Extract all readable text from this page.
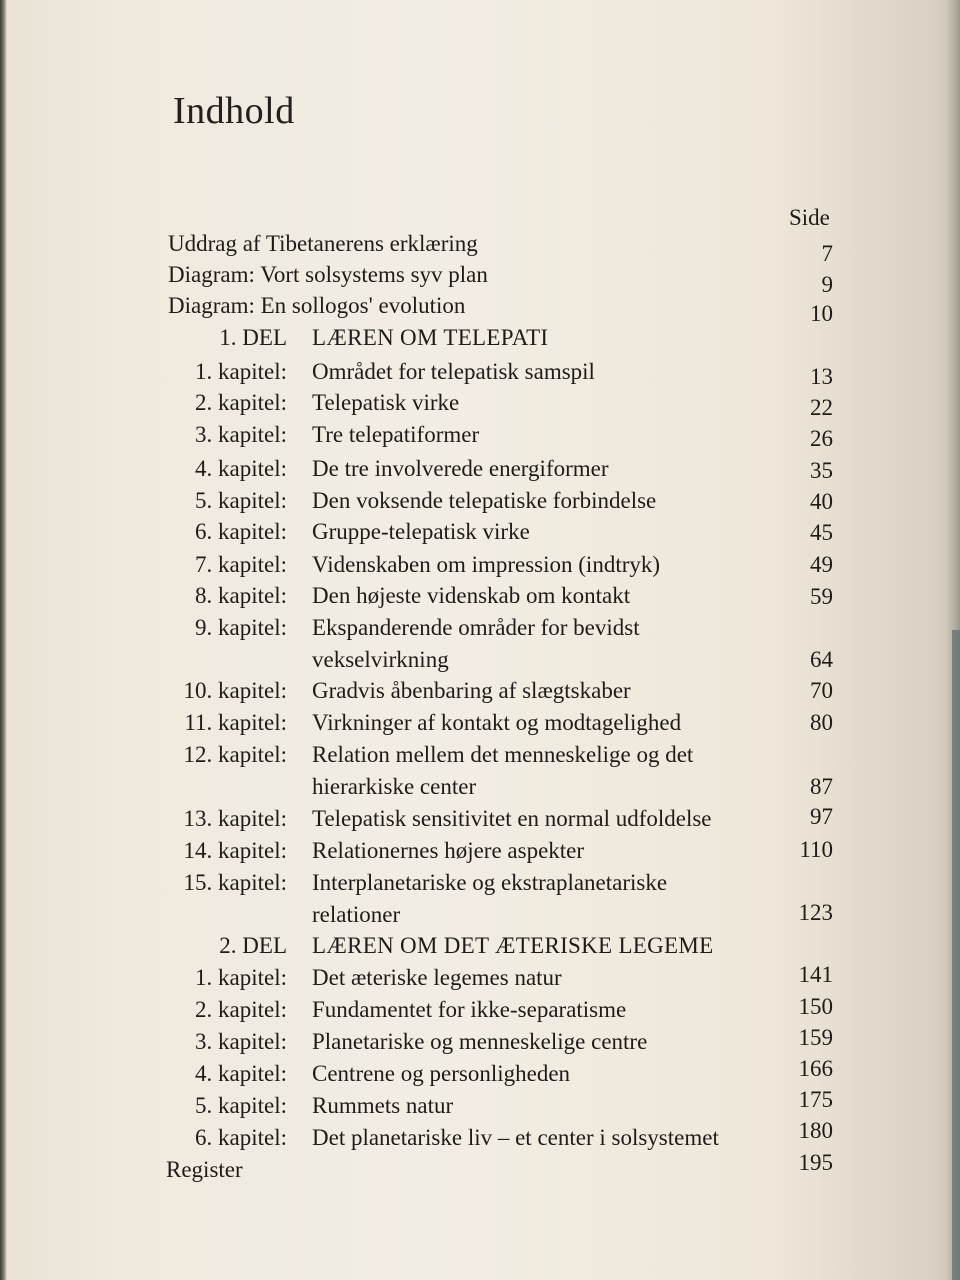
Indhold
Side
Uddrag af Tibetanerens erklæring	7
Diagram: Vort solsystems syv plan	9
Diagram: En sollogos' evolution	10
1. DEL LÆREN OM TELEPATI
1. kapitel: Området for telepatisk samspil	13
2. kapitel: Telepatisk virke	22
3. kapitel: Tre telepatiformer	26
4. kapitel: De tre involverede energiformer	35
5. kapitel: Den voksende telepatiske forbindelse	40
6. kapitel: Gruppe-telepatisk virke	45
7. kapitel: Videnskaben om impression (indtryk)	49
8. kapitel: Den højeste videnskab om kontakt	59
9. kapitel: Ekspanderende områder for bevidst
vekselvirkning	64
10. kapitel: Gradvis åbenbaring af slægtskaber	70
11. kapitel: Virkninger af kontakt og modtagelighed	80
12. kapitel: Relation mellem det menneskelige og det
hierarkiske center	87
13. kapitel: Telepatisk sensitivitet en normal udfoldelse	97
14. kapitel: Relationernes højere aspekter	110
15. kapitel: Interplanetariske og ekstraplanetariske
relationer	123
2. DEL LÆREN OM DET ÆTERISKE LEGEME
1. kapitel: Det æteriske legemes natur	141
2. kapitel: Fundamentet for ikke-separatisme	150
3. kapitel: Planetariske og menneskelige centre	159
4. kapitel: Centrene og personligheden	166
5. kapitel: Rummets natur	175
6. kapitel: Det planetariske liv – et center i solsystemet	180
Register	195
